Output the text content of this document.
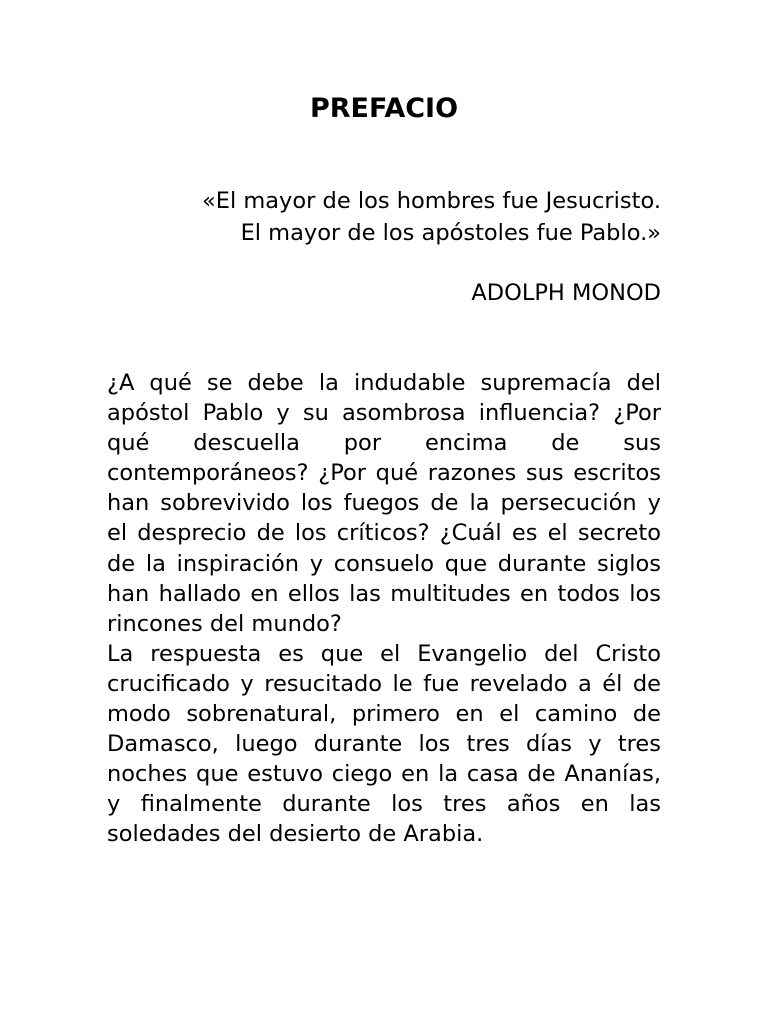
PREFACIO
«El mayor de los hombres fue Jesucristo.
El mayor de los apóstoles fue Pablo.»
ADOLPH MONOD

¿A qué se debe la indudable supremacía del apóstol Pablo y su asombrosa influencia? ¿Por qué descuella por encima de sus contemporáneos? ¿Por qué razones sus escritos han sobrevivido los fuegos de la persecución y el desprecio de los críticos? ¿Cuál es el secreto de la inspiración y consuelo que durante siglos han hallado en ellos las multitudes en todos los rincones del mundo?

La respuesta es que el Evangelio del Cristo crucificado y resucitado le fue revelado a él de modo sobrenatural, primero en el camino de Damasco, luego durante los tres días y tres noches que estuvo ciego en la casa de Ananías, y finalmente durante los tres años en las soledades del desierto de Arabia.
